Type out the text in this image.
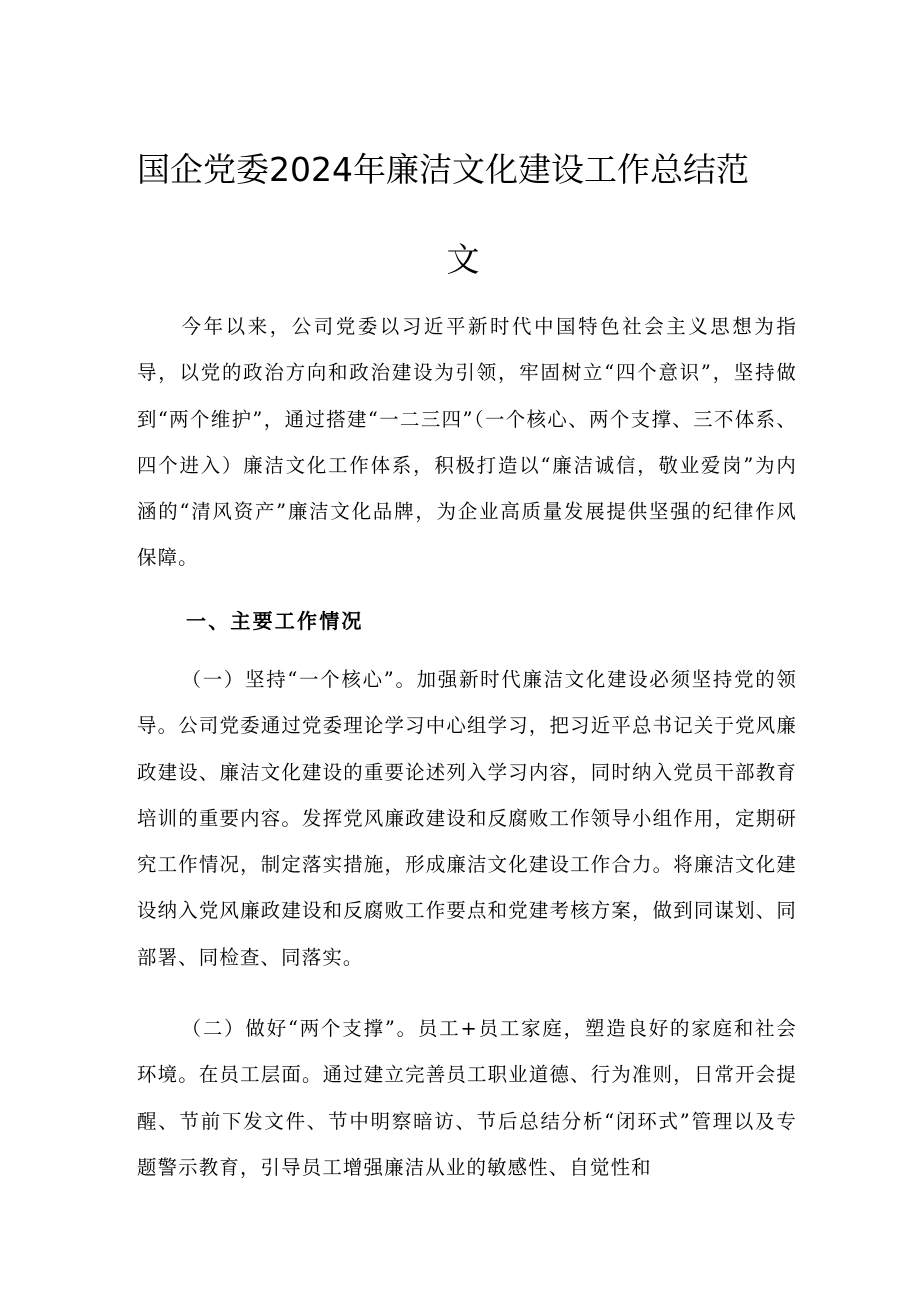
国企党委2024年廉洁文化建设工作总结范
文

今年以来，公司党委以习近平新时代中国特色社会主义思想为指导，以党的政治方向和政治建设为引领，牢固树立“四个意识”，坚持做到“两个维护”，通过搭建“一二三四”（一个核心、两个支撑、三不体系、四个进入）廉洁文化工作体系，积极打造以“廉洁诚信，敬业爱岗”为内涵的“清风资产”廉洁文化品牌，为企业高质量发展提供坚强的纪律作风保障。

一、主要工作情况

（一）坚持“一个核心”。加强新时代廉洁文化建设必须坚持党的领导。公司党委通过党委理论学习中心组学习，把习近平总书记关于党风廉政建设、廉洁文化建设的重要论述列入学习内容，同时纳入党员干部教育培训的重要内容。发挥党风廉政建设和反腐败工作领导小组作用，定期研究工作情况，制定落实措施，形成廉洁文化建设工作合力。将廉洁文化建设纳入党风廉政建设和反腐败工作要点和党建考核方案，做到同谋划、同部署、同检查、同落实。

（二）做好“两个支撑”。员工+员工家庭，塑造良好的家庭和社会环境。在员工层面。通过建立完善员工职业道德、行为准则，日常开会提醒、节前下发文件、节中明察暗访、节后总结分析“闭环式”管理以及专题警示教育，引导员工增强廉洁从业的敏感性、自觉性和
